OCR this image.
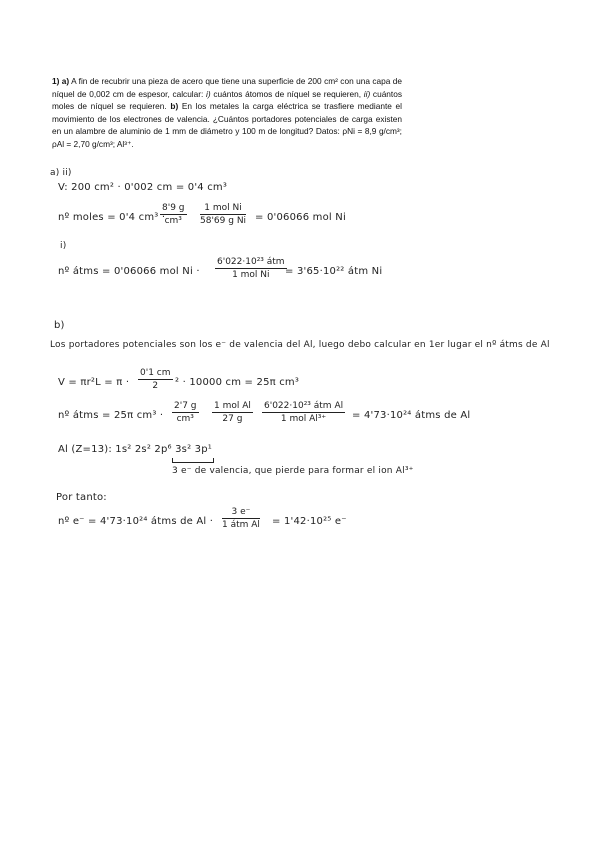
1) a) A fin de recubrir una pieza de acero que tiene una superficie de 200 cm² con una capa de níquel de 0,002 cm de espesor, calcular: i) cuántos átomos de níquel se requieren, ii) cuántos moles de níquel se requieren. b) En los metales la carga eléctrica se trasfiere mediante el movimiento de los electrones de valencia. ¿Cuántos portadores potenciales de carga existen en un alambre de aluminio de 1 mm de diámetro y 100 m de longitud? Datos: ρNi = 8,9 g/cm³; ρAl = 2,70 g/cm³; Al³⁺.

a) ii)
V: 200 cm² · 0'002 cm = 0'4 cm³
nº moles = 0'4 cm³ ·
$\frac{8'9 g}{\text{cm³}}$	1 mol Ni
58'69 g Ni = 0'06066 mol Ni
i)
nº átms = 0'06066 mol Ni ·
6'022·10²³ átm
1 mol Ni	= 3'65·10²² átm Ni
b)
Los portadores potenciales son los e⁻ de valencia del Al, luego debo calcular en 1er lugar el nº átms de Al
$V = \pi r^2L = \pi \cdot \frac{0'1 cm}{2} ^2 \cdot 10000$ cm = 25π cm³
nº átms = 25π $cm^3 \cdot \frac{2'7 g}{\text{cm³}} 1$ mol Al
27 g
6'022·10²³ átm Al
1 mol Al³⁺	= 4'73·10²⁴ átms de Al
Al (Z=13): 1s² 2s² 2p⁶ 3s² 3p¹
3 e⁻ de valencia, que pierde para formar el ion Al³⁺
Por tanto:
nº e⁻ = 4'73·10²⁴ átms de Al ·
3 e⁻
1 átm Al = 1'42·10²⁵ e⁻
